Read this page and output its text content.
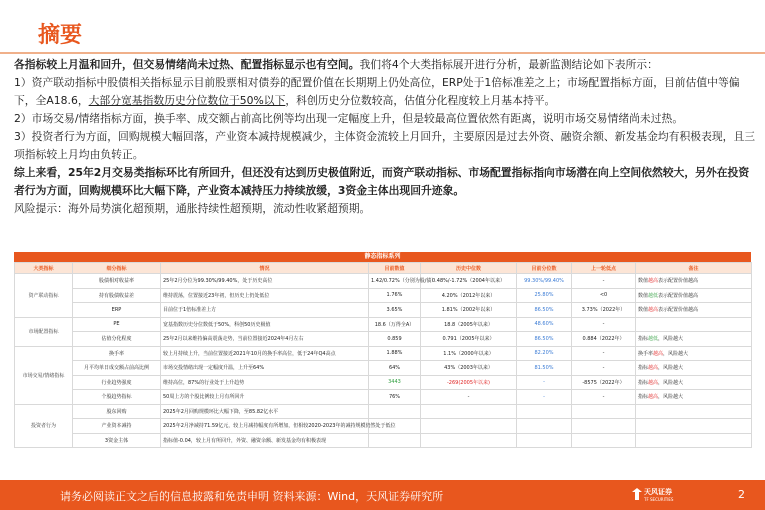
摘要

各指标较上月温和回升，但交易情绪尚未过热、配置指标显示也有空间。我们将4个大类指标展开进行分析，最新监测结论如下表所示：

1）资产联动指标中股债相关指标显示目前股票相对债券的配置价值在长期期上仍处高位，ERP处于1倍标准差之上；市场配置指标方面，目前估值中等偏下，全A18.6，大部分宽基指数历史分位数位于50%以下，科创历史分位数较高，估值分化程度较上月基本持平。

2）市场交易/情绪指标方面，换手率、成交额占前高比例等均出现一定幅度上升，但是较最高位置依然有距离，说明市场交易情绪尚未过热。

3）投资者行为方面，回购规模大幅回落，产业资本减持规模减少，主体资金流较上月回升，主要原因是过去外资、融资余额、新发基金均有积极表现，且三项指标较上月均由负转正。

综上来看，25年2月交易类指标环比有所回升，但还没有达到历史极值附近，而资产联动指标、市场配置指标指向市场潜在向上空间依然较大，另外在投资者行为方面，回购规模环比大幅下降，产业资本减持压力持续放缓，3资金主体出现回升迹象。

风险提示：海外局势演化超预期，通胀持续性超预期，流动性收紧超预期。

静态指标系列
大类指标	细分指标	情况	目前数值	历史中位数	目前分位数	上一轮低点	备注
资产联动指标	股债相对收益率	25年2月分位为99.30%/99.40%，处于历史高位	1.42/0.72%（分别为股/债）	0.48%/-1.72%（2004年以来）	99.30%/99.40%	-	数值越高表示配置价值越高
	持有股债收益差	维持震荡，位置接近23年初，但历史上仍处低位	1.76%	4.20%（2012年以来）	25.80%	<0	数值越低表示配置价值越高
	ERP	目前位于1倍标准差上方	3.65%	1.81%（2002年以来）	86.50%	3.73%（2022年）	数值越高表示配置价值越高
市场配置指标	PE	宽基指数历史分位数低于50%，科创50历史极值	18.6（万得全A）	18.8（2005年以来）	48.60%	-	
	估值分化程度	25年2月以来维持偏高震荡走势，当前位置接近2024年4月左右	0.859	0.791（2005年以来）	86.50%	0.884（2022年）	指标越低，风险越大
市场交易/情绪指标	换手率	较上月持续上升，当前位置接近2021年10月的换手率高位，低于24年Q4高点	1.88%	1.1%（2000年以来）	82.20%	-	换手率越高，风险越大
	月平均单日成交额占前高比例	市场交投情绪出现一定幅度升温，上升至64%	64%	43%（2003年以来）	81.50%	-	指标越高，风险越大
	行业趋势强度	维持高位，87%的行业处于上升趋势	3443	-269(2005年以来)	-	-8575（2022年）	指标越高，风险越大
	个股趋势指标	50周上方的个股比例较上月有所回升	76%	-	-	-	指标越高，风险越大
投资者行为	股东回购	2025年2月回购规模环比大幅下降，至85.82亿水平					
	产业资本减持	2025年2月净减持71.59亿元，较上月减持幅度有所增加，但相较2020-2023年的减持规模仍然处于低位					
	3资金主体	指标值-0.04，较上月有所回升，外资、融资余额、新发基金均有积极表现					
请务必阅读正文之后的信息披露和免责申明 资料来源：Wind，天风证券研究所	天风证券
TF SECURITIES	2
